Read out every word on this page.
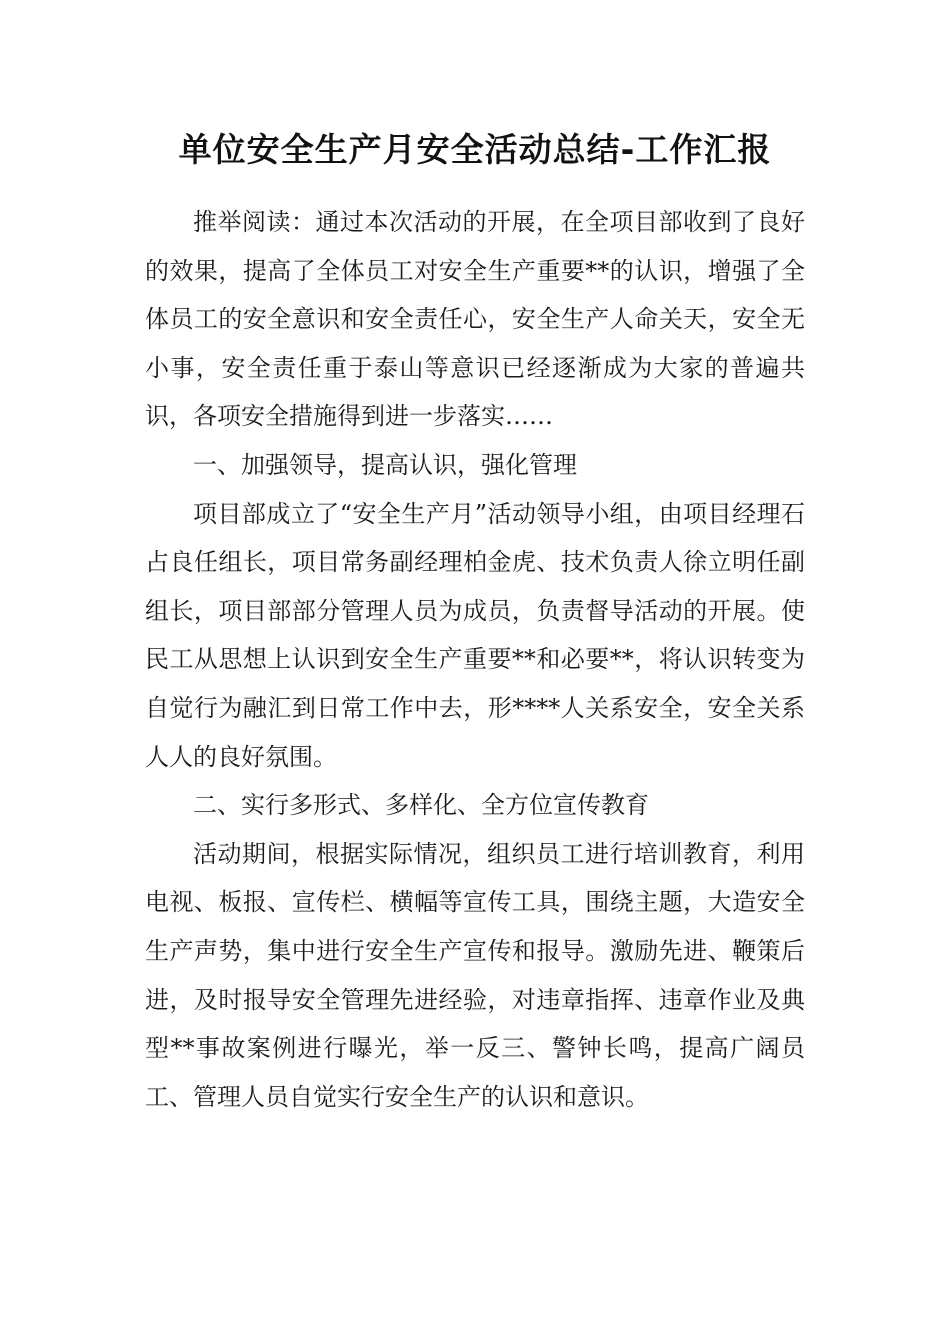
单位安全生产月安全活动总结-工作汇报

推举阅读：通过本次活动的开展，在全项目部收到了良好的效果，提高了全体员工对安全生产重要**的认识，增强了全体员工的安全意识和安全责任心，安全生产人命关天，安全无小事，安全责任重于泰山等意识已经逐渐成为大家的普遍共识，各项安全措施得到进一步落实……

一、加强领导，提高认识，强化管理

项目部成立了“安全生产月”活动领导小组，由项目经理石占良任组长，项目常务副经理柏金虎、技术负责人徐立明任副组长，项目部部分管理人员为成员，负责督导活动的开展。使民工从思想上认识到安全生产重要**和必要**，将认识转变为自觉行为融汇到日常工作中去，形****人关系安全，安全关系人人的良好氛围。

二、实行多形式、多样化、全方位宣传教育

活动期间，根据实际情况，组织员工进行培训教育，利用电视、板报、宣传栏、横幅等宣传工具，围绕主题，大造安全生产声势，集中进行安全生产宣传和报导。激励先进、鞭策后进，及时报导安全管理先进经验，对违章指挥、违章作业及典型**事故案例进行曝光，举一反三、警钟长鸣，提高广阔员工、管理人员自觉实行安全生产的认识和意识。
